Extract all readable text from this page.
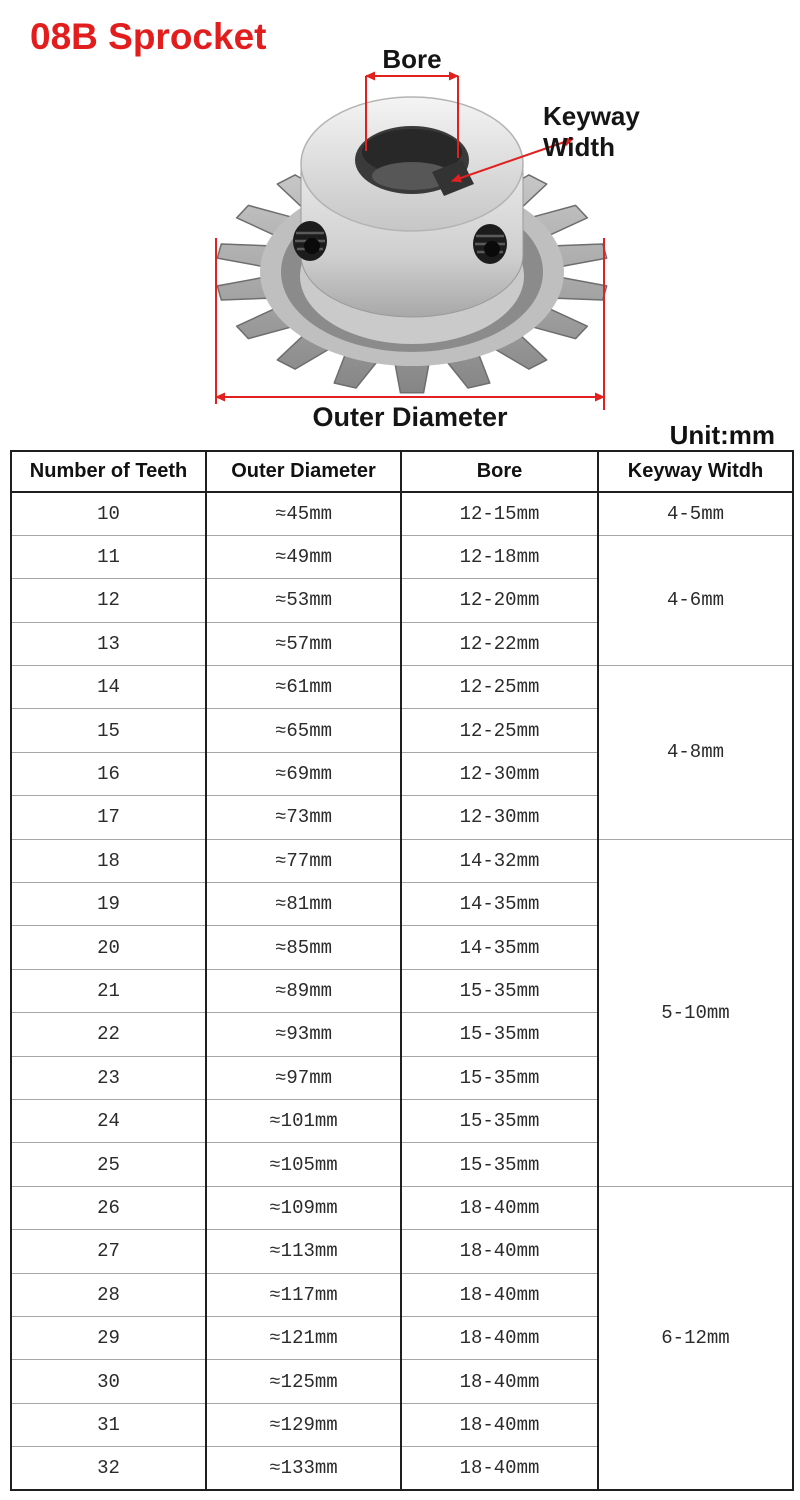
08B Sprocket
Bore
Keyway Width
Outer Diameter
Unit:mm
Number of Teeth	Outer Diameter	Bore	Keyway Witdh
10	≈45mm	12-15mm	4-5mm
11	≈49mm	12-18mm	4-6mm
12	≈53mm	12-20mm	
13	≈57mm	12-22mm	
14	≈61mm	12-25mm	4-8mm
15	≈65mm	12-25mm	
16	≈69mm	12-30mm	
17	≈73mm	12-30mm	
18	≈77mm	14-32mm	5-10mm
19	≈81mm	14-35mm	
20	≈85mm	14-35mm	
21	≈89mm	15-35mm	
22	≈93mm	15-35mm	
23	≈97mm	15-35mm	
24	≈101mm	15-35mm	
25	≈105mm	15-35mm	
26	≈109mm	18-40mm	6-12mm
27	≈113mm	18-40mm	
28	≈117mm	18-40mm	
29	≈121mm	18-40mm	
30	≈125mm	18-40mm	
31	≈129mm	18-40mm	
32	≈133mm	18-40mm	
